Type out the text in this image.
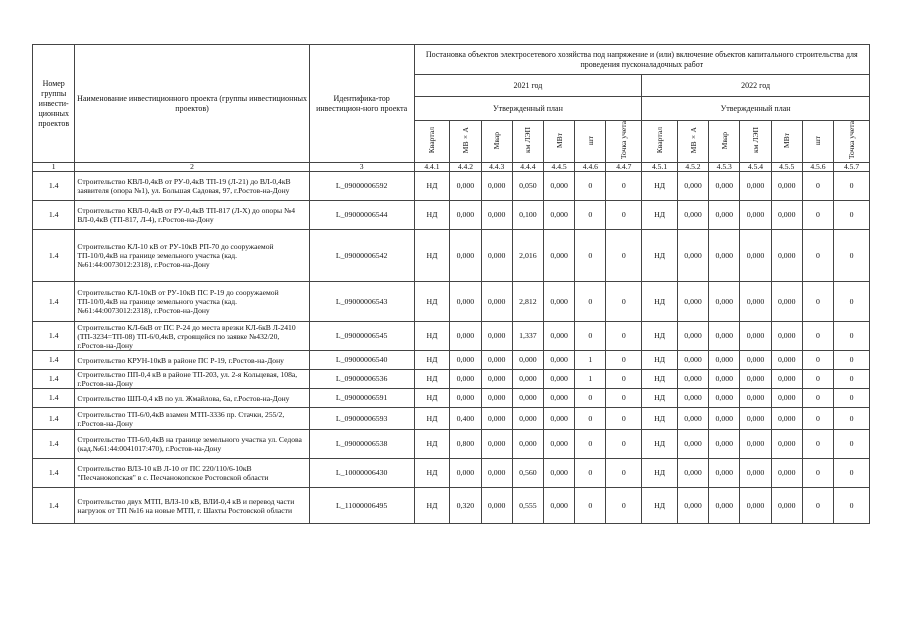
Номер группы инвести-ционных проектов	Наименование инвестиционного проекта (группы инвестиционных проектов)	Идентифика-тор инвестицион-ного проекта	Постановка объектов электросетевого хозяйства под напряжение и (или) включение объектов капитального строительства для проведения пусконаладочных работ													
			2021 год							2022 год						
			Утвержденный план							Утвержденный план						
			Квартал	МВ×А	Мвар	км ЛЭП	МВт	шт	Точка учета	Квартал	МВ×А	Мвар	км ЛЭП	МВт	шт	Точка учета
1	2	3	4.4.1	4.4.2	4.4.3	4.4.4	4.4.5	4.4.6	4.4.7	4.5.1	4.5.2	4.5.3	4.5.4	4.5.5	4.5.6	4.5.7
1.4	Строительство КВЛ-0,4кВ от РУ-0,4кВ ТП-19 (Л-21) до ВЛ-0,4кВ заявителя (опора №1), ул. Большая Садовая, 97, г.Ростов-на-Дону	L_09000006592	НД	0,000	0,000	0,050	0,000	0	0	НД	0,000	0,000	0,000	0,000	0	0
1.4	Строительство КВЛ-0,4кВ от РУ-0,4кВ ТП-817 (Л-Х) до опоры №4 ВЛ-0,4кВ (ТП-817, Л-4), г.Ростов-на-Дону	L_09000006544	НД	0,000	0,000	0,100	0,000	0	0	НД	0,000	0,000	0,000	0,000	0	0
1.4	Строительство КЛ-10 кВ от РУ-10кВ РП-70 до сооружаемой ТП-10/0,4кВ на границе земельного участка (кад.№61:44:0073012:2318), г.Ростов-на-Дону	L_09000006542	НД	0,000	0,000	2,016	0,000	0	0	НД	0,000	0,000	0,000	0,000	0	0
1.4	Строительство КЛ-10кВ от РУ-10кВ ПС Р-19 до сооружаемой ТП-10/0,4кВ на границе земельного участка (кад.№61:44:0073012:2318), г.Ростов-на-Дону	L_09000006543	НД	0,000	0,000	2,812	0,000	0	0	НД	0,000	0,000	0,000	0,000	0	0
1.4	Строительство КЛ-6кВ от ПС Р-24 до места врезки КЛ-6кВ Л-2410 (ТП-3234=ТП-08) ТП-6/0,4кВ, строящейся по заявке №432/20, г.Ростов-на-Дону	L_09000006545	НД	0,000	0,000	1,337	0,000	0	0	НД	0,000	0,000	0,000	0,000	0	0
1.4	Строительство КРУН-10кВ в районе ПС Р-19, г.Ростов-на-Дону	L_09000006540	НД	0,000	0,000	0,000	0,000	1	0	НД	0,000	0,000	0,000	0,000	0	0
1.4	Строительство ПП-0,4 кВ в районе ТП-203, ул. 2-я Кольцевая, 108а, г.Ростов-на-Дону	L_09000006536	НД	0,000	0,000	0,000	0,000	1	0	НД	0,000	0,000	0,000	0,000	0	0
1.4	Строительство ШП-0,4 кВ по ул. Жмайлова, 6а, г.Ростов-на-Дону	L_09000006591	НД	0,000	0,000	0,000	0,000	0	0	НД	0,000	0,000	0,000	0,000	0	0
1.4	Строительство ТП-6/0,4кВ взамен МТП-3336 пр. Стачки, 255/2, г.Ростов-на-Дону	L_09000006593	НД	0,400	0,000	0,000	0,000	0	0	НД	0,000	0,000	0,000	0,000	0	0
1.4	Строительство ТП-6/0,4кВ на границе земельного участка ул. Седова (кад.№61:44:0041017:470), г.Ростов-на-Дону	L_09000006538	НД	0,800	0,000	0,000	0,000	0	0	НД	0,000	0,000	0,000	0,000	0	0
1.4	Строительство ВЛЗ-10 кВ Л-10 от ПС 220/110/6-10кВ "Песчанокопская" в с. Песчанокопское Ростовской области	L_10000006430	НД	0,000	0,000	0,560	0,000	0	0	НД	0,000	0,000	0,000	0,000	0	0
1.4	Строительство двух МТП, ВЛЗ-10 кВ, ВЛИ-0,4 кВ и перевод части нагрузок от ТП №16 на новые МТП, г. Шахты Ростовской области	L_11000006495	НД	0,320	0,000	0,555	0,000	0	0	НД	0,000	0,000	0,000	0,000	0	0
